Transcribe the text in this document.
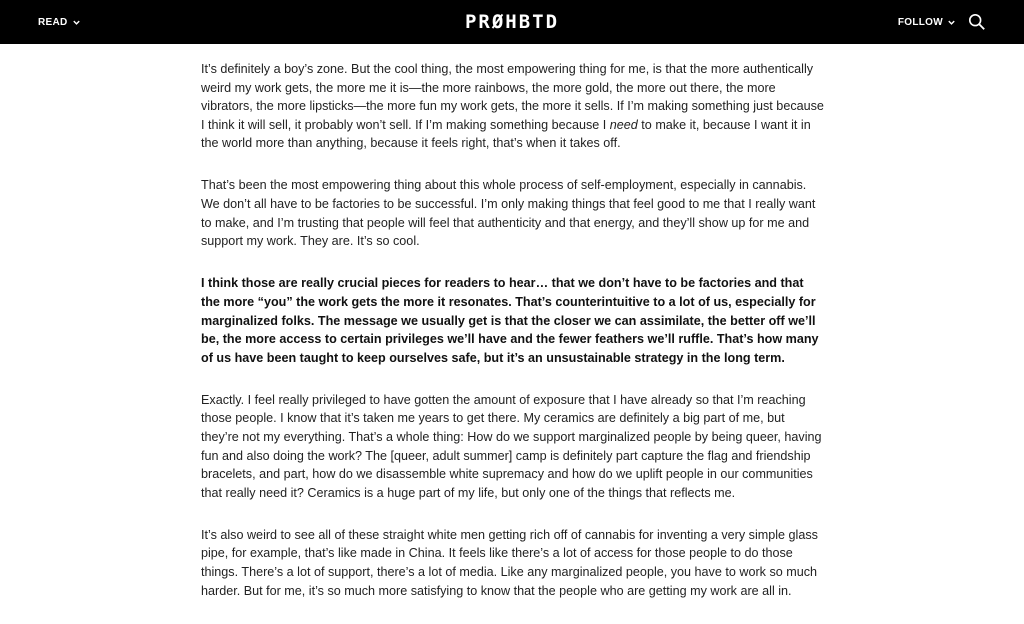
PRØHBTD
READ	FOLLOW

It’s definitely a boy’s zone. But the cool thing, the most empowering thing for me, is that the more authentically weird my work gets, the more me it is—the more rainbows, the more gold, the more out there, the more vibrators, the more lipsticks—the more fun my work gets, the more it sells. If I’m making something just because I think it will sell, it probably won’t sell. If I’m making something because I need to make it, because I want it in the world more than anything, because it feels right, that’s when it takes off.

That’s been the most empowering thing about this whole process of self-employment, especially in cannabis. We don’t all have to be factories to be successful. I’m only making things that feel good to me that I really want to make, and I’m trusting that people will feel that authenticity and that energy, and they’ll show up for me and support my work. They are. It’s so cool.

I think those are really crucial pieces for readers to hear… that we don’t have to be factories and that the more “you” the work gets the more it resonates. That’s counterintuitive to a lot of us, especially for marginalized folks. The message we usually get is that the closer we can assimilate, the better off we’ll be, the more access to certain privileges we’ll have and the fewer feathers we’ll ruffle. That’s how many of us have been taught to keep ourselves safe, but it’s an unsustainable strategy in the long term.

Exactly. I feel really privileged to have gotten the amount of exposure that I have already so that I’m reaching those people. I know that it’s taken me years to get there. My ceramics are definitely a big part of me, but they’re not my everything. That’s a whole thing: How do we support marginalized people by being queer, having fun and also doing the work? The [queer, adult summer] camp is definitely part capture the flag and friendship bracelets, and part, how do we disassemble white supremacy and how do we uplift people in our communities that really need it? Ceramics is a huge part of my life, but only one of the things that reflects me.

It’s also weird to see all of these straight white men getting rich off of cannabis for inventing a very simple glass pipe, for example, that’s like made in China. It feels like there’s a lot of access for those people to do those things. There’s a lot of support, there’s a lot of media. Like any marginalized people, you have to work so much harder. But for me, it’s so much more satisfying to know that the people who are getting my work are all in.
